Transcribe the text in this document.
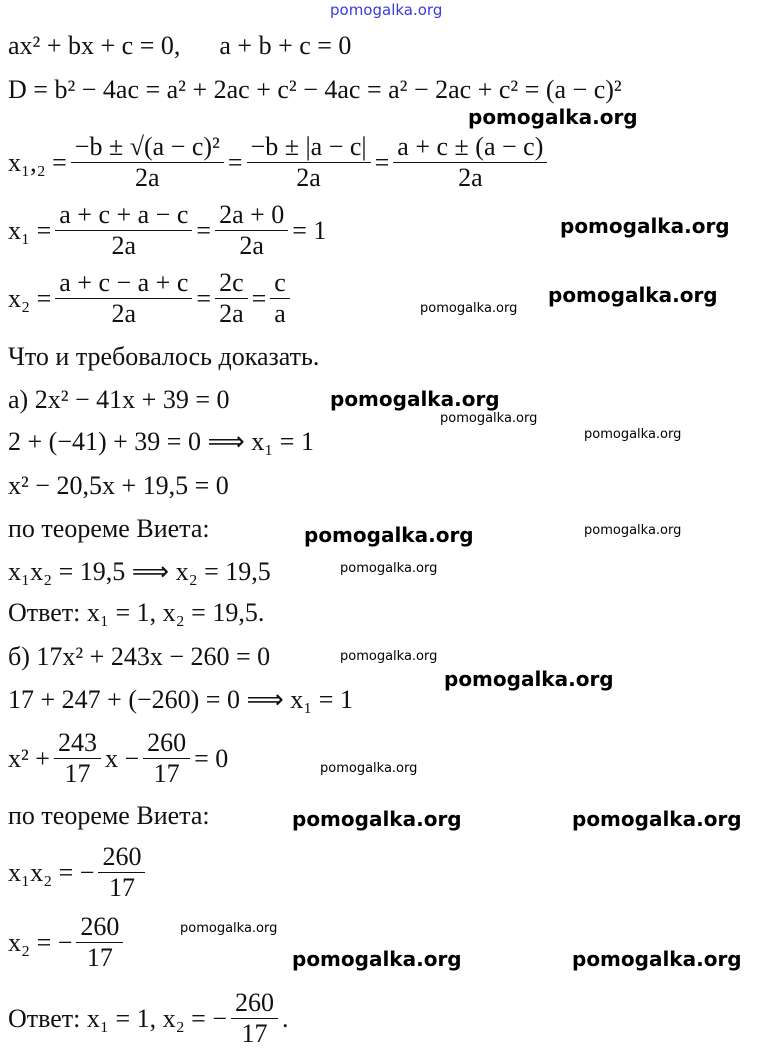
pomogalka.org
ax² + bx + c = 0,      a + b + c = 0
D = b² − 4ac = a² + 2ac + c² − 4ac = a² − 2ac + c² = (a − c)²
$x_1,_2 = \frac{\text{−b ± √(a − c)²}}{2a} = \frac{-b \pm |a - c|}{2a} = \frac{a + c \pm (a - c)}{2a}$
$x_1 = \frac{a + c + a - c}{2a} = \frac{2a + 0}{2a} = 1$
$x_2 = \frac{a + c - a + c}{2a} = \frac{2c}{2a} = \frac{c}{a}$
Что и требовалось доказать.
а) 2x² − 41x + 39 = 0
2 + (−41) + 39 = 0 ⟹ x₁ = 1
x² − 20,5x + 19,5 = 0
по теореме Виета:
x₁x₂ = 19,5 ⟹ x₂ = 19,5
Ответ: x₁ = 1, x₂ = 19,5.
б) 17x² + 243x − 260 = 0
17 + 247 + (−260) = 0 ⟹ x₁ = 1
$x^2 + \frac{243}{17}$ $x - \frac{260}{17} = 0$
по теореме Виета:
x₁x₂ = − $\frac{260}{17}$
x₂ = − $\frac{260}{17}$
Ответ: x₁ = 1, x₂ = − $\frac{260}{17}$ .
pomogalka.org
pomogalka.org
pomogalka.org
pomogalka.org
pomogalka.org
pomogalka.org
pomogalka.org
pomogalka.org
pomogalka.org
pomogalka.org
pomogalka.org
pomogalka.org
pomogalka.org
pomogalka.org	pomogalka.org
pomogalka.org	pomogalka.org
pomogalka.org
